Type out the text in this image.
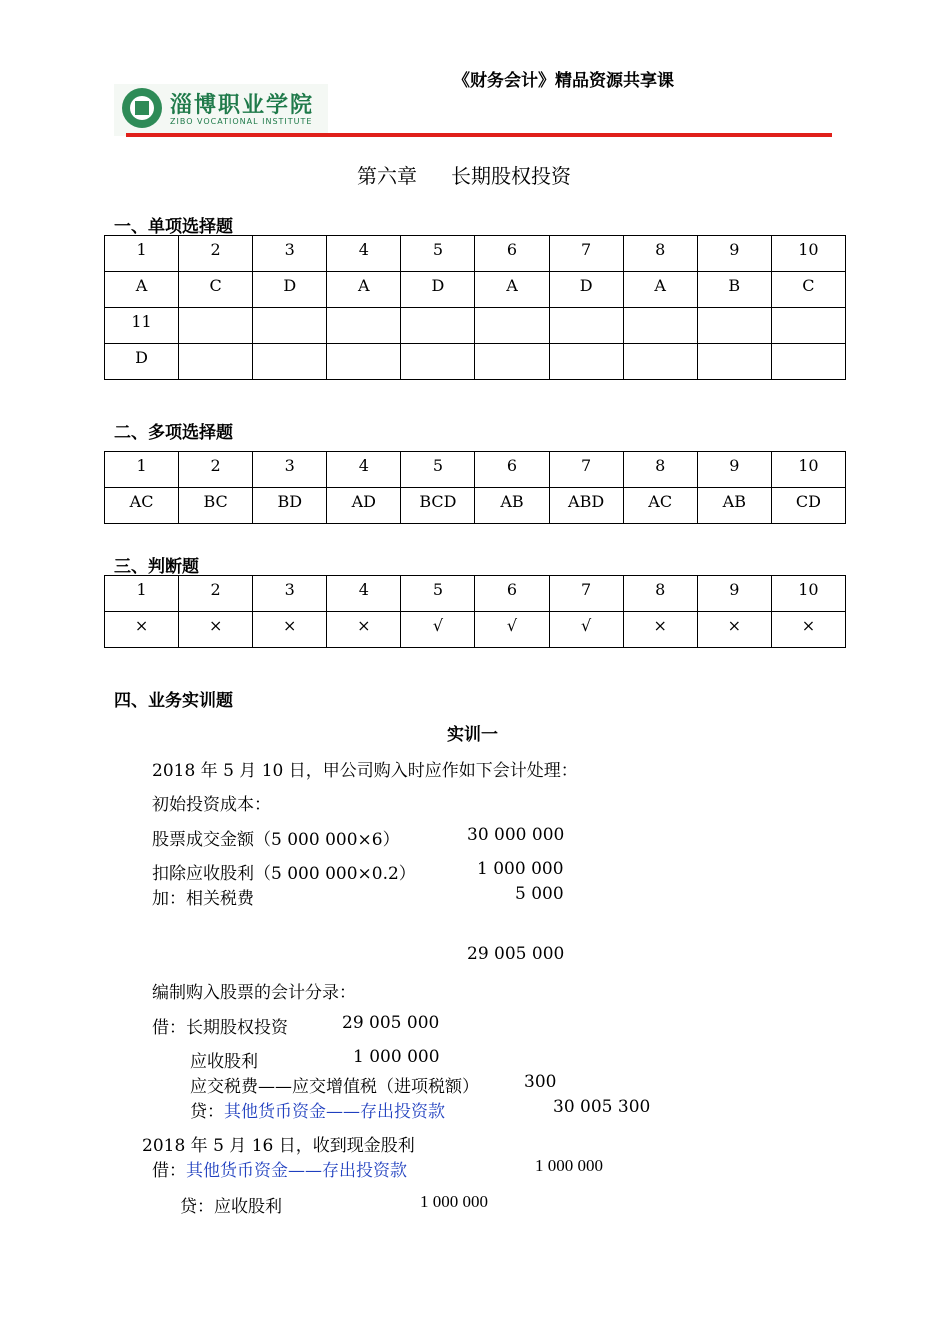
《财务会计》精品资源共享课
淄博职业学院
ZIBO VOCATIONAL INSTITUTE
第六章 长期股权投资
一、单项选择题
1	2	3	4	5	6	7	8	9	10
A	C	D	A	D	A	D	A	B	C
11									
D									
二、多项选择题
1	2	3	4	5	6	7	8	9	10
AC	BC	BD	AD	BCD	AB	ABD	AC	AB	CD
三、判断题
1	2	3	4	5	6	7	8	9	10
×	×	×	×	√	√	√	×	×	×
四、业务实训题
实训一
2018 年 5 月 10 日，甲公司购入时应作如下会计处理：
初始投资成本：
股票成交金额（5 000 000×6）	30 000 000
扣除应收股利（5 000 000×0.2）	1 000 000
加：相关税费	5 000
29 005 000
编制购入股票的会计分录：
借：长期股权投资	29 005 000
应收股利	1 000 000
应交税费——应交增值税（进项税额）	300
贷：其他货币资金——存出投资款	30 005 300
2018 年 5 月 16 日，收到现金股利
借：其他货币资金——存出投资款	1 000 000
贷：应收股利	1 000 000
